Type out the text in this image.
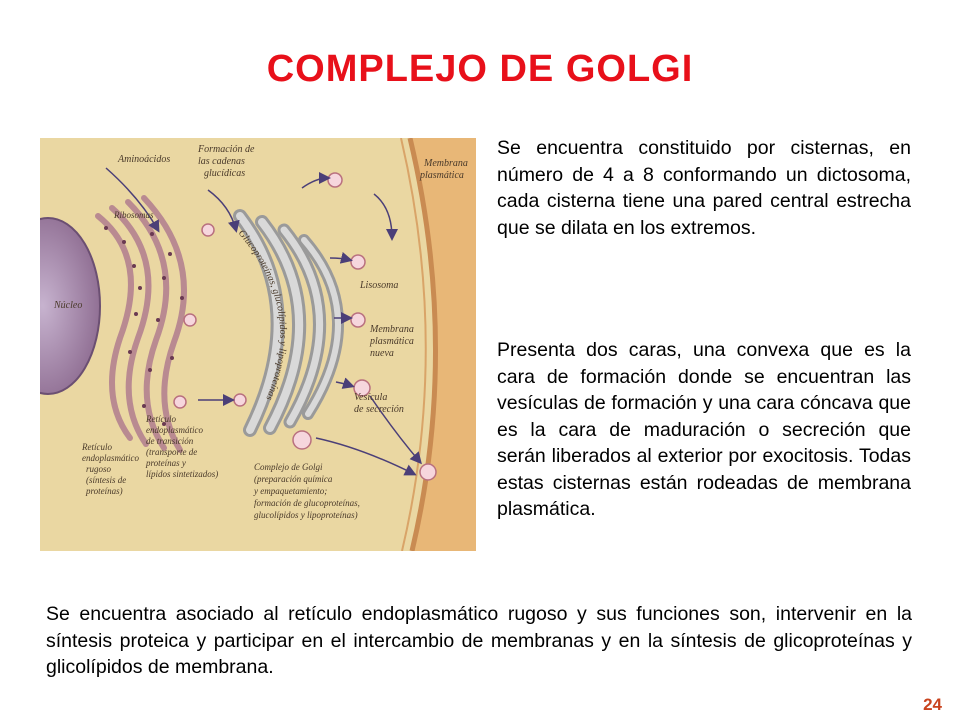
COMPLEJO DE GOLGI
Glucoproteínas, glucolípidos y lipoproteínas
Aminoácidos
Formación de
las cadenas
glucídicas
Membrana
plasmática
Ribosomas
Núcleo
Lisosoma
Membrana
plasmática
nueva
Vesícula
de secreción
Retículo
endoplasmático
de transición
(transporte de
proteínas y
lípidos sintetizados)
Retículo
endoplasmático
rugoso
(síntesis de
proteínas)
Complejo de Golgi
(preparación química
y empaquetamiento;
formación de glucoproteínas,
glucolípidos y lipoproteínas)

Se encuentra constituido por cisternas, en número de 4 a 8 conformando un dictosoma, cada cisterna tiene una pared central estrecha que se dilata en los extremos.

Presenta dos caras, una convexa que es la cara de formación donde se encuentran las vesículas de formación y una cara cóncava que es la cara de maduración o secreción que serán liberados al exterior por exocitosis. Todas estas cisternas están rodeadas de membrana plasmática.

Se encuentra asociado al retículo endoplasmático rugoso y sus funciones son, intervenir en la síntesis proteica y participar en el intercambio de membranas y en la síntesis de glicoproteínas y glicolípidos de membrana.

24
